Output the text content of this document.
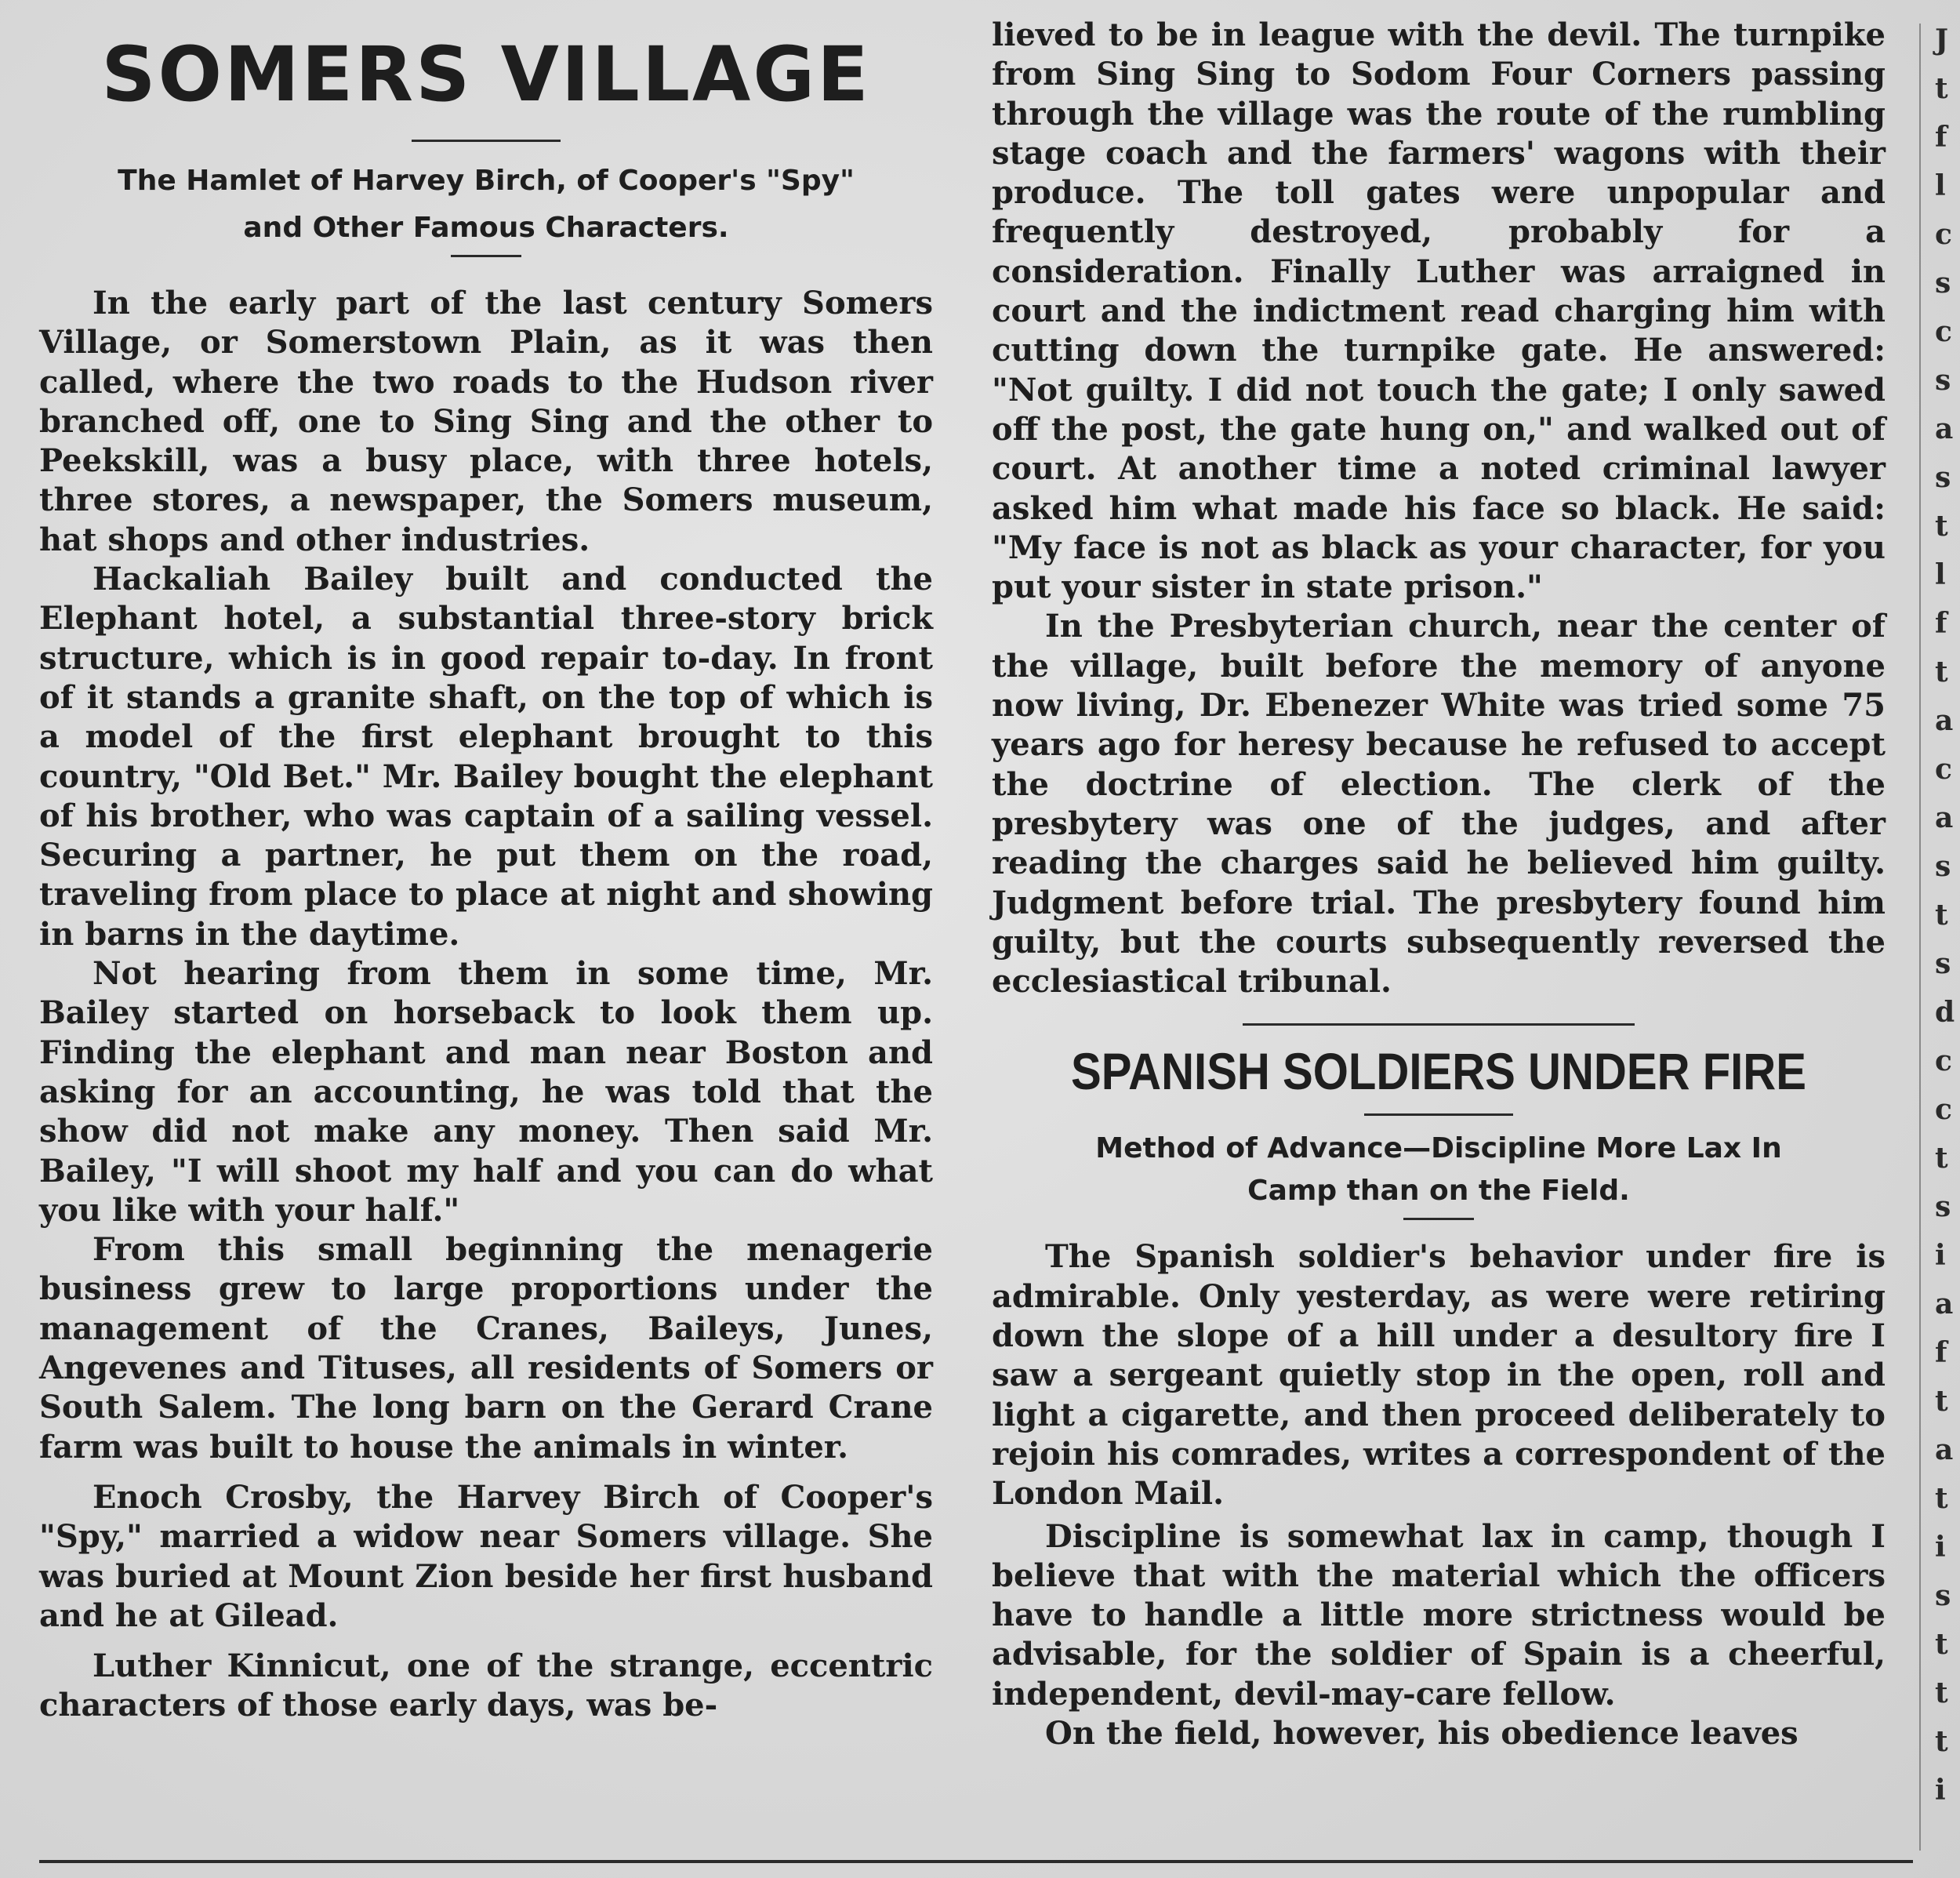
SOMERS VILLAGE

The Hamlet of Harvey Birch, of Cooper's "Spy"

and Other Famous Characters.

In the early part of the last century Somers Village, or Somerstown Plain, as it was then called, where the two roads to the Hudson river branched off, one to Sing Sing and the other to Peekskill, was a busy place, with three hotels, three stores, a newspaper, the Somers museum, hat shops and other industries.

Hackaliah Bailey built and conducted the Elephant hotel, a substantial three-story brick structure, which is in good repair to-day. In front of it stands a granite shaft, on the top of which is a model of the first elephant brought to this country, "Old Bet." Mr. Bailey bought the elephant of his brother, who was captain of a sailing vessel. Securing a partner, he put them on the road, traveling from place to place at night and showing in barns in the daytime.

Not hearing from them in some time, Mr. Bailey started on horseback to look them up. Finding the elephant and man near Boston and asking for an accounting, he was told that the show did not make any money. Then said Mr. Bailey, "I will shoot my half and you can do what you like with your half."

From this small beginning the menagerie business grew to large proportions under the management of the Cranes, Baileys, Junes, Angevenes and Tituses, all residents of Somers or South Salem. The long barn on the Gerard Crane farm was built to house the animals in winter.

Enoch Crosby, the Harvey Birch of Cooper's "Spy," married a widow near Somers village. She was buried at Mount Zion beside her first husband and he at Gilead.

Luther Kinnicut, one of the strange, eccentric characters of those early days, was be-

lieved to be in league with the devil. The turnpike from Sing Sing to Sodom Four Corners passing through the village was the route of the rumbling stage coach and the farmers' wagons with their produce. The toll gates were unpopular and frequently destroyed, probably for a consideration. Finally Luther was arraigned in court and the indictment read charging him with cutting down the turnpike gate. He answered: "Not guilty. I did not touch the gate; I only sawed off the post, the gate hung on," and walked out of court. At another time a noted criminal lawyer asked him what made his face so black. He said: "My face is not as black as your character, for you put your sister in state prison."

In the Presbyterian church, near the center of the village, built before the memory of anyone now living, Dr. Ebenezer White was tried some 75 years ago for heresy because he refused to accept the doctrine of election. The clerk of the presbytery was one of the judges, and after reading the charges said he believed him guilty. Judgment before trial. The presbytery found him guilty, but the courts subsequently reversed the ecclesiastical tribunal.

SPANISH SOLDIERS UNDER FIRE

Method of Advance—Discipline More Lax In

Camp than on the Field.

The Spanish soldier's behavior under fire is admirable. Only yesterday, as were were retiring down the slope of a hill under a desultory fire I saw a sergeant quietly stop in the open, roll and light a cigarette, and then proceed deliberately to rejoin his comrades, writes a correspondent of the London Mail.

Discipline is somewhat lax in camp, though I believe that with the material which the officers have to handle a little more strictness would be advisable, for the soldier of Spain is a cheerful, independent, devil-may-care fellow.

On the field, however, his obedience leaves

J
t
f
l
c
s
c
s
a
s
t
l
f
t
a
c
a
s
t
s
d
c
c
t
s
i
a
f
t
a
t
i
s
t
t
t
i
